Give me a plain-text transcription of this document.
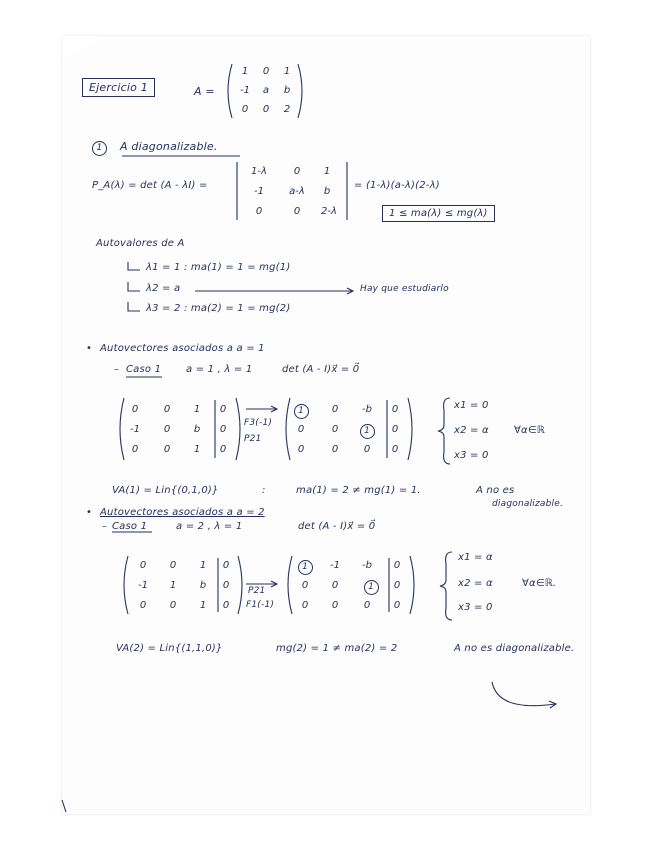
Ejercicio 1	A =
1	0	1
-1	a	b
0	0	2
1	A diagonalizable.
P_A(λ) = det (A - λI) =
1-λ	0	1
-1	a-λ	b
0	0	2-λ
= (1-λ)(a-λ)(2-λ)
1 ≤ ma(λ) ≤ mg(λ)
Autovalores de A
λ1 = 1 : ma(1) = 1 = mg(1)
λ2 = a
λ3 = 2 : ma(2) = 1 = mg(2)
Hay que estudiarlo
• Autovectores asociados a a = 1
– Caso 1 a = 1 , λ = 1	det (A - I)x⃗ = 0⃗
0	0	1	0
-1	0	b	0
0	0	1	0
F3(-1)
P21
1	0	-b	0
0	0	1	0
0	0	0	0
x1 = 0
x2 = α
x3 = 0
∀α∈ℝ
VA(1) = Lin{(0,1,0)}	:	ma(1) = 2 ≠ mg(1) = 1.	A no es
diagonalizable.
• Autovectores asociados a a = 2
– Caso 1	a = 2 , λ = 1	det (A - I)x⃗ = 0⃗
0	0	1	0
-1	1	b	0
0	0	1	0
P21
F1(-1)
1	-1	-b	0
0	0	1	0
0	0	0	0
x1 = α
x2 = α
x3 = 0
∀α∈ℝ.
VA(2) = Lin{(1,1,0)}	mg(2) = 1 ≠ ma(2) = 2	A no es diagonalizable.
